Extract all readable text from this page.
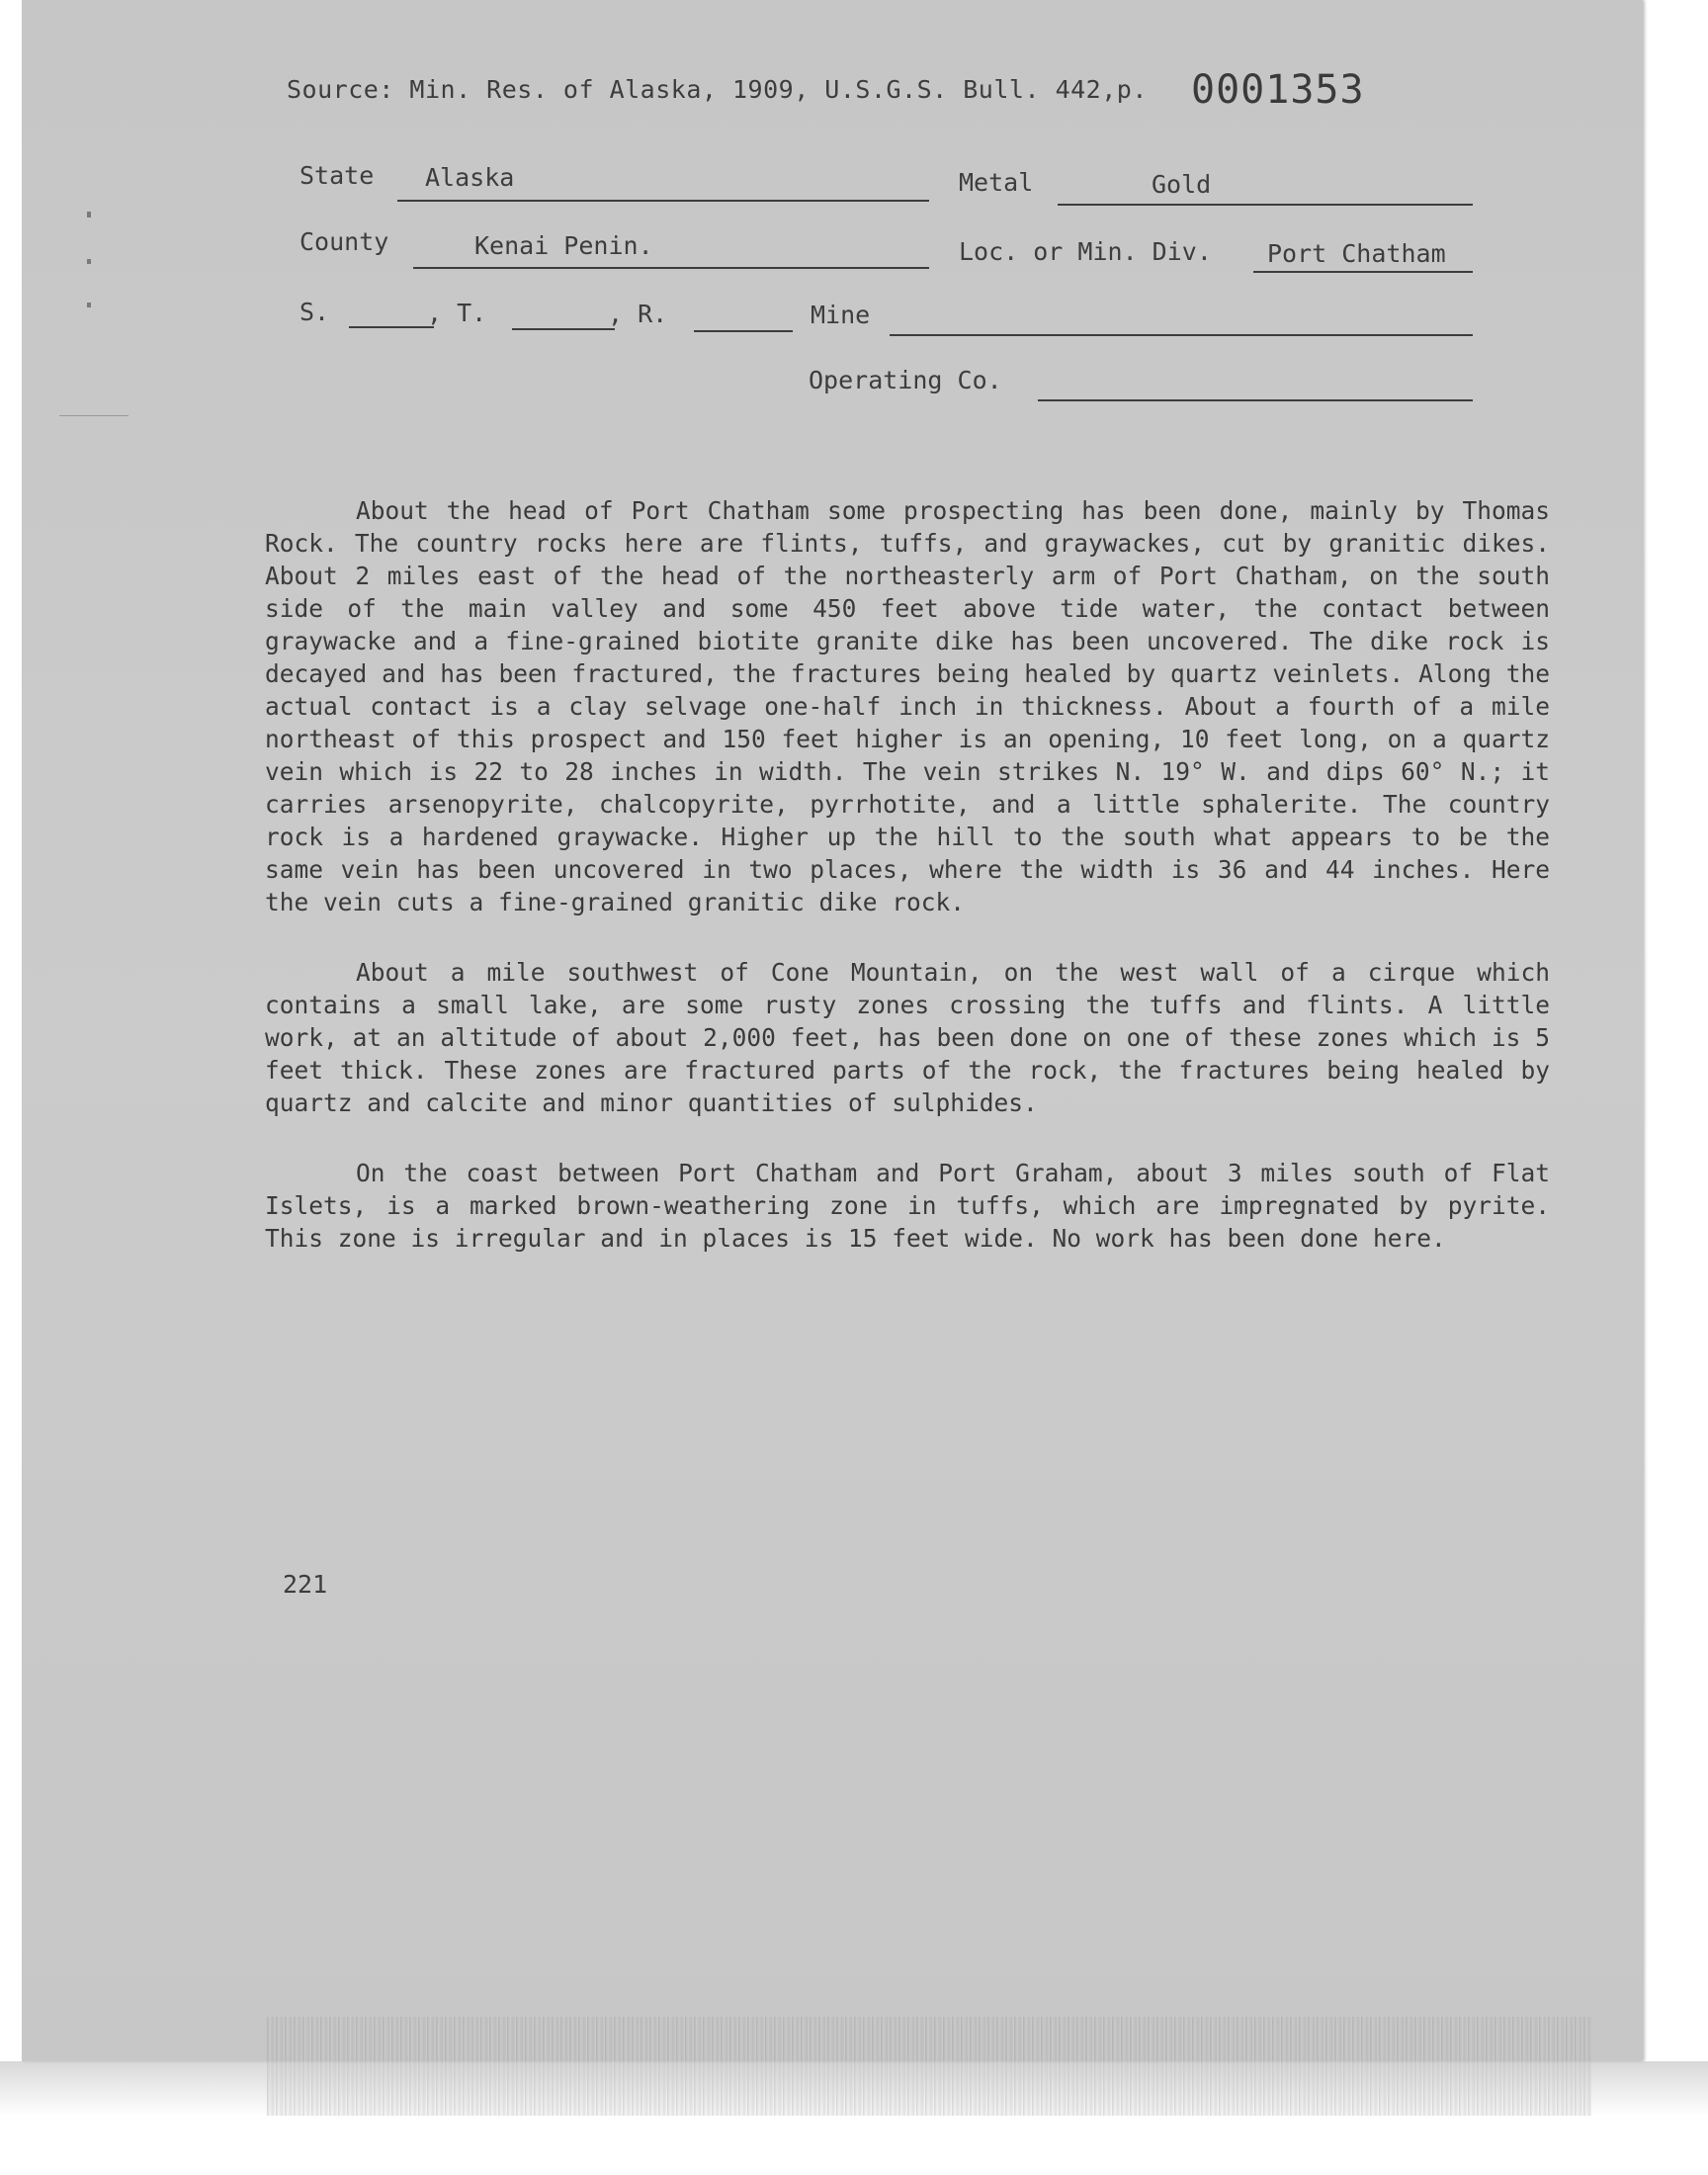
Source: Min. Res. of Alaska, 1909, U.S.G.S. Bull. 442,p. 0001353
State Alaska	Metal	Gold
County	Kenai Penin.	Loc. or Min. Div. Port Chatham
S.	, T.	, R.	Mine
Operating Co.

About the head of Port Chatham some prospecting has been done, mainly by Thomas Rock. The country rocks here are flints, tuffs, and graywackes, cut by granitic dikes. About 2 miles east of the head of the northeasterly arm of Port Chatham, on the south side of the main valley and some 450 feet above tide water, the contact between graywacke and a fine-grained biotite granite dike has been uncovered. The dike rock is decayed and has been fractured, the fractures being healed by quartz veinlets. Along the actual contact is a clay selvage one-half inch in thickness. About a fourth of a mile northeast of this prospect and 150 feet higher is an opening, 10 feet long, on a quartz vein which is 22 to 28 inches in width. The vein strikes N. 19° W. and dips 60° N.; it carries arsenopyrite, chalcopyrite, pyrrhotite, and a little sphalerite. The country rock is a hardened graywacke. Higher up the hill to the south what appears to be the same vein has been uncovered in two places, where the width is 36 and 44 inches. Here the vein cuts a fine-grained granitic dike rock.

About a mile southwest of Cone Mountain, on the west wall of a cirque which contains a small lake, are some rusty zones crossing the tuffs and flints. A little work, at an altitude of about 2,000 feet, has been done on one of these zones which is 5 feet thick. These zones are fractured parts of the rock, the fractures being healed by quartz and calcite and minor quantities of sulphides.

On the coast between Port Chatham and Port Graham, about 3 miles south of Flat Islets, is a marked brown-weathering zone in tuffs, which are impregnated by pyrite. This zone is irregular and in places is 15 feet wide. No work has been done here.

221
